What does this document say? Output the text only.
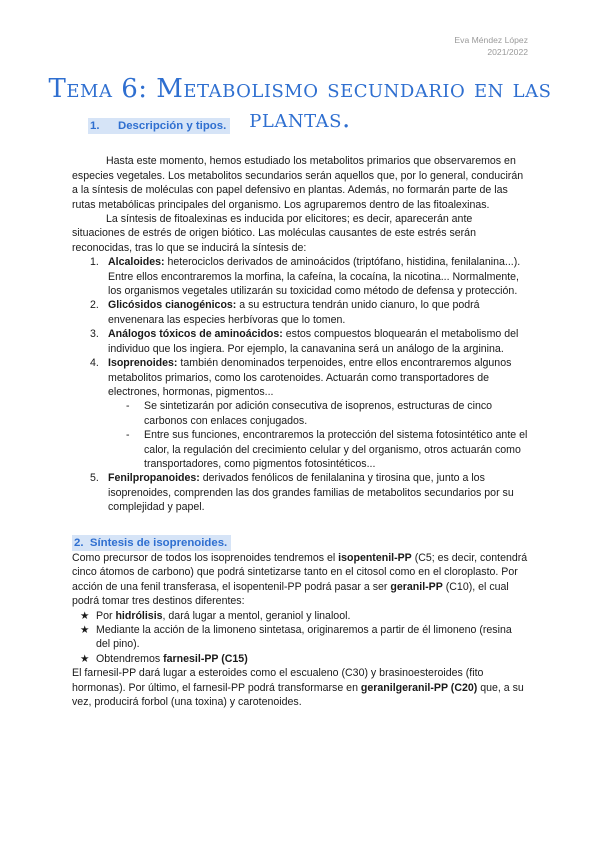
Eva Méndez López
2021/2022
Tema 6: Metabolismo secundario en las plantas.
1. Descripción y tipos.

Hasta este momento, hemos estudiado los metabolitos primarios que observaremos en especies vegetales. Los metabolitos secundarios serán aquellos que, por lo general, conducirán a la síntesis de moléculas con papel defensivo en plantas. Además, no formarán parte de las rutas metabólicas principales del organismo. Los agruparemos dentro de las fitoalexinas.

La síntesis de fitoalexinas es inducida por elicitores; es decir, aparecerán ante situaciones de estrés de origen biótico. Las moléculas causantes de este estrés serán reconocidas, tras lo que se inducirá la síntesis de:

1. Alcaloides: heterociclos derivados de aminoácidos (triptófano, histidina, fenilalanina...).
Entre ellos encontraremos la morfina, la cafeína, la cocaína, la nicotina... Normalmente, los organismos vegetales utilizarán su toxicidad como método de defensa y protección.
2. Glicósidos cianogénicos: a su estructura tendrán unido cianuro, lo que podrá envenenara las especies herbívoras que lo tomen.
3. Análogos tóxicos de aminoácidos: estos compuestos bloquearán el metabolismo del individuo que los ingiera. Por ejemplo, la canavanina será un análogo de la arginina.
4. Isoprenoides: también denominados terpenoides, entre ellos encontraremos algunos metabolitos primarios, como los carotenoides. Actuarán como transportadores de electrones, hormonas, pigmentos...
- Se sintetizarán por adición consecutiva de isoprenos, estructuras de cinco carbonos con enlaces conjugados.
- Entre sus funciones, encontraremos la protección del sistema fotosintético ante el calor, la regulación del crecimiento celular y del organismo, otros actuarán como transportadores, como pigmentos fotosintéticos...
5. Fenilpropanoides: derivados fenólicos de fenilalanina y tirosina que, junto a los isoprenoides, comprenden las dos grandes familias de metabolitos secundarios por su complejidad y papel.
2. Síntesis de isoprenoides.

Como precursor de todos los isoprenoides tendremos el isopentenil-PP (C5; es decir, contendrá cinco átomos de carbono) que podrá sintetizarse tanto en el citosol como en el cloroplasto. Por acción de una fenil transferasa, el isopentenil-PP podrá pasar a ser geranil-PP (C10), el cual podrá tomar tres destinos diferentes:

★ Por hidrólisis, dará lugar a mentol, geraniol y linalool.
★ Mediante la acción de la limoneno sintetasa, originaremos a partir de él limoneno (resina del pino).
★ Obtendremos farnesil-PP (C15)

El farnesil-PP dará lugar a esteroides como el escualeno (C30) y brasinoesteroides (fito hormonas). Por último, el farnesil-PP podrá transformarse en geranilgeranil-PP (C20) que, a su vez, producirá forbol (una toxina) y carotenoides.
